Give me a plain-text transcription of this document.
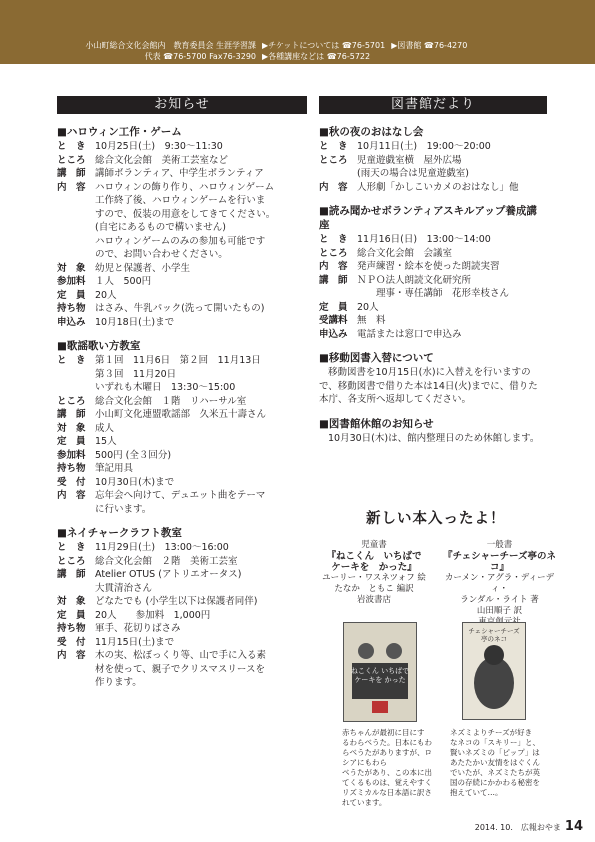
小山町総合文化会館内　教育委員会 生涯学習課
代表 ☎76-5700 Fax76-3290
▶チケットについては ☎76-5701 ▶図書館 ☎76-4270
▶各種講座などは ☎76-5722
お知らせ
■ハロウィン工作・ゲーム
と　き 10月25日(土)　9:30〜11:30
ところ 総合文化会館　美術工芸室など
講　師 講師ボランティア、中学生ボランティア
内　容 ハロウィンの飾り作り、ハロウィンゲーム
工作終了後、ハロウィンゲームを行いま
すので、仮装の用意をしてきてください。
(自宅にあるもので構いません)
ハロウィンゲームのみの参加も可能です
ので、お問い合わせください。
対　象 幼児と保護者、小学生
参加料 １人　500円
定　員 20人
持ち物 はさみ、牛乳パック(洗って開いたもの)
申込み 10月18日(土)まで
■歌謡歌い方教室
と　き 第１回　11月6日　第２回　11月13日
第３回　11月20日
いずれも木曜日　13:30〜15:00
ところ 総合文化会館　１階　リハーサル室
講　師 小山町文化連盟歌謡部　久米五十壽さん
対　象 成人
定　員 15人
参加料 500円 (全３回分)
持ち物 筆記用具
受　付 10月30日(木)まで
内　容 忘年会へ向けて、デュエット曲をテーマ
に行います。
■ネイチャークラフト教室
と　き 11月29日(土)　13:00〜16:00
ところ 総合文化会館　２階　美術工芸室
講　師 Atelier OTUS (アトリエオータス)
大貫清治さん
対　象 どなたでも (小学生以下は保護者同伴)
定　員 20人　　参加料　1,000円
持ち物 軍手、花切りばさみ
受　付 11月15日(土)まで
内　容 木の実、松ぼっくり等、山で手に入る素
材を使って、親子でクリスマスリースを
作ります。
図書館だより
■秋の夜のおはなし会
と　き 10月11日(土)　19:00〜20:00
ところ 児童遊戯室横　屋外広場
(雨天の場合は児童遊戯室)
内　容 人形劇「かしこいカメのおはなし」他
■読み聞かせボランティアスキルアップ養成講座
と　き 11月16日(日)　13:00〜14:00
ところ 総合文化会館　会議室
内　容 発声練習・絵本を使った朗読実習
講　師 ＮＰＯ法人朗読文化研究所
　　理事・専任講師　花形幸枝さん
定　員 20人
受講料 無　料
申込み 電話または窓口で申込み
■移動図書入替について
移動図書を10月15日(水)に入替えを行いますので、移動図書で借りた本は14日(火)までに、借りた本庁、各支所へ返却してください。
■図書館休館のお知らせ
10月30日(木)は、館内整理日のため休館します。
新しい本入ったよ！
児童書
『ねこくん　いちばで
ケーキを　かった』
ユーリー・ワスネツォフ 絵
たなか　ともこ 編訳
岩波書店
ねこくん いちばで ケーキを かった
赤ちゃんが最初に目にす
るわらべうた。日本にもわ
らべうたがありますが、ロシアにもわら
べうたがあり、この本に出
てくるものは、覚えやすく
リズミカルな日本語に訳さ
れています。
一般書
『チェシャーチーズ亭のネコ』
カーメン・アグラ・ディーディ・
ランダル・ライト 著
山田順子 訳
チェシャーチーズ亭のネコ
ネズミよりチーズが好き
なネコの「スキリー」と、
賢いネズミの「ピップ」は
あたたかい友情をはぐくん
でいたが、ネズミたちが英
国の存続にかかわる秘密を
抱えていて…。
2014. 10.　広報おやま 14
